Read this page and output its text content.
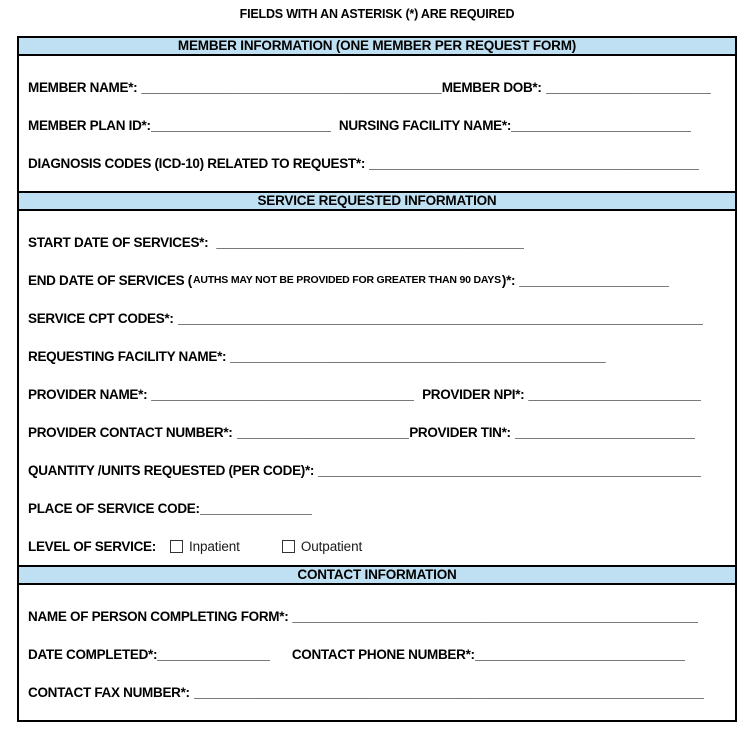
FIELDS WITH AN ASTERISK (*) ARE REQUIRED
MEMBER INFORMATION (ONE MEMBER PER REQUEST FORM)
MEMBER NAME*: ________________________________________ MEMBER DOB*: ______________________
MEMBER PLAN ID*: ________________________ NURSING FACILITY NAME*: ________________________
DIAGNOSIS CODES (ICD-10) RELATED TO REQUEST*: ____________________________________________
SERVICE REQUESTED INFORMATION
START DATE OF SERVICES*: _________________________________________
END DATE OF SERVICES ( AUTHS MAY NOT BE PROVIDED FOR GREATER THAN 90 DAYS )*: ____________________
SERVICE CPT CODES*: ______________________________________________________________________
REQUESTING FACILITY NAME*: __________________________________________________
PROVIDER NAME*: ___________________________________ PROVIDER NPI*: _______________________
PROVIDER CONTACT NUMBER*: _______________________ PROVIDER TIN*: ________________________
QUANTITY /UNITS REQUESTED (PER CODE)*: ___________________________________________________
PLACE OF SERVICE CODE: _______________
LEVEL OF SERVICE: Inpatient	Outpatient
CONTACT INFORMATION
NAME OF PERSON COMPLETING FORM*: ______________________________________________________
DATE COMPLETED*: _______________ CONTACT PHONE NUMBER*: ____________________________
CONTACT FAX NUMBER*: ____________________________________________________________________
